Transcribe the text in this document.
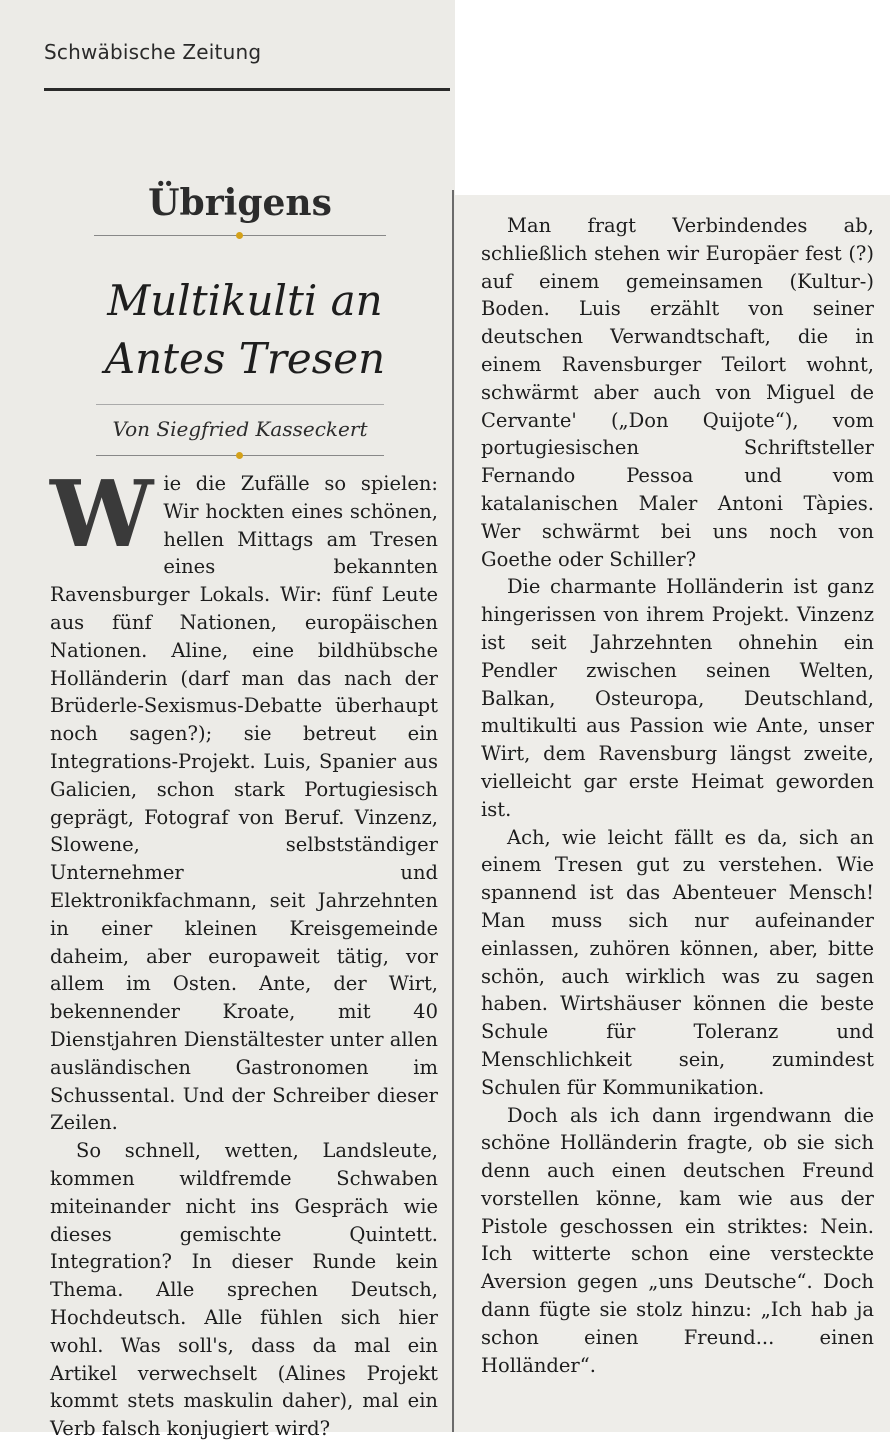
Schwäbische Zeitung
Übrigens
Multikulti an Antes Tresen
Von Siegfried Kasseckert

Wie die Zufälle so spielen: Wir hockten eines schönen, hellen Mittags am Tresen eines bekannten Ravensburger Lokals. Wir: fünf Leute aus fünf Nationen, europäischen Nationen. Aline, eine bildhübsche Holländerin (darf man das nach der Brüderle-Sexismus-Debatte überhaupt noch sagen?); sie betreut ein Integrations-Projekt. Luis, Spanier aus Galicien, schon stark Portugiesisch geprägt, Fotograf von Beruf. Vinzenz, Slowene, selbstständiger Unternehmer und Elektronikfachmann, seit Jahrzehnten in einer kleinen Kreisgemeinde daheim, aber europaweit tätig, vor allem im Osten. Ante, der Wirt, bekennender Kroate, mit 40 Dienstjahren Dienstältester unter allen ausländischen Gastronomen im Schussental. Und der Schreiber dieser Zeilen.

So schnell, wetten, Landsleute, kommen wildfremde Schwaben miteinander nicht ins Gespräch wie dieses gemischte Quintett. Integration? In dieser Runde kein Thema. Alle sprechen Deutsch, Hochdeutsch. Alle fühlen sich hier wohl. Was soll's, dass da mal ein Artikel verwechselt (Alines Projekt kommt stets maskulin daher), mal ein Verb falsch konjugiert wird?

Man fragt Verbindendes ab, schließlich stehen wir Europäer fest (?) auf einem gemeinsamen (Kultur-) Boden. Luis erzählt von seiner deutschen Verwandtschaft, die in einem Ravensburger Teilort wohnt, schwärmt aber auch von Miguel de Cervante' („Don Quijote“), vom portugiesischen Schriftsteller Fernando Pessoa und vom katalanischen Maler Antoni Tàpies. Wer schwärmt bei uns noch von Goethe oder Schiller?

Die charmante Holländerin ist ganz hingerissen von ihrem Projekt. Vinzenz ist seit Jahrzehnten ohnehin ein Pendler zwischen seinen Welten, Balkan, Osteuropa, Deutschland, multikulti aus Passion wie Ante, unser Wirt, dem Ravensburg längst zweite, vielleicht gar erste Heimat geworden ist.

Ach, wie leicht fällt es da, sich an einem Tresen gut zu verstehen. Wie spannend ist das Abenteuer Mensch! Man muss sich nur aufeinander einlassen, zuhören können, aber, bitte schön, auch wirklich was zu sagen haben. Wirtshäuser können die beste Schule für Toleranz und Menschlichkeit sein, zumindest Schulen für Kommunikation.

Doch als ich dann irgendwann die schöne Holländerin fragte, ob sie sich denn auch einen deutschen Freund vorstellen könne, kam wie aus der Pistole geschossen ein striktes: Nein. Ich witterte schon eine versteckte Aversion gegen „uns Deutsche“. Doch dann fügte sie stolz hinzu: „Ich hab ja schon einen Freund... einen Holländer“.
